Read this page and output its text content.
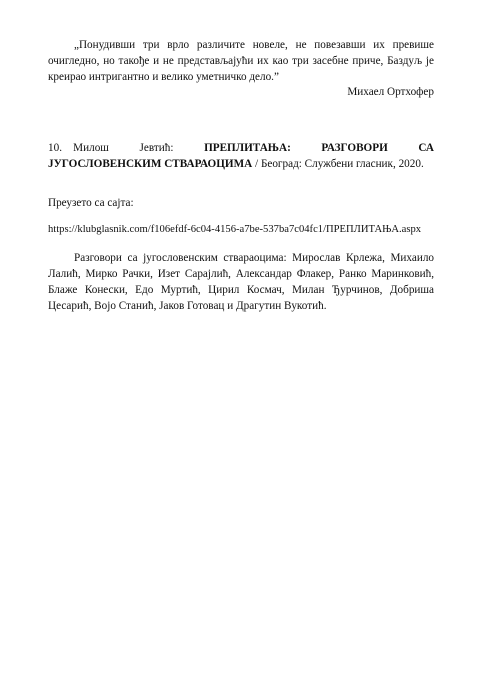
„Понудивши три врло различите новеле, не повезавши их превише
очигледно, но такође и не представљајући их као три засебне приче, Баздуљ је
креирао интригантно и велико уметничко дело.”
Михаел Ортхофер
10.  Милош Јевтић:	ПРЕПЛИТАЊА: РАЗГОВОРИ СА
ЈУГОСЛОВЕНСКИМ СТВАРАОЦИМА / Београд: Службени гласник, 2020.
Преузето са сајта:
https://klubglasnik.com/f106efdf-6c04-4156-a7be-537ba7c04fc1/ПРЕПЛИТАЊА.aspx
Разговори са југословенским ствараоцима: Мирослав Крлежа, Михаило
Лалић, Мирко Рачки, Изет Сарајлић, Александар Флакер, Ранко Маринковић,
Блаже Конески, Едо Муртић, Цирил Космач, Милан Ђурчинов, Добриша
Цесарић, Војо Станић, Јаков Готовац и Драгутин Вукотић.
